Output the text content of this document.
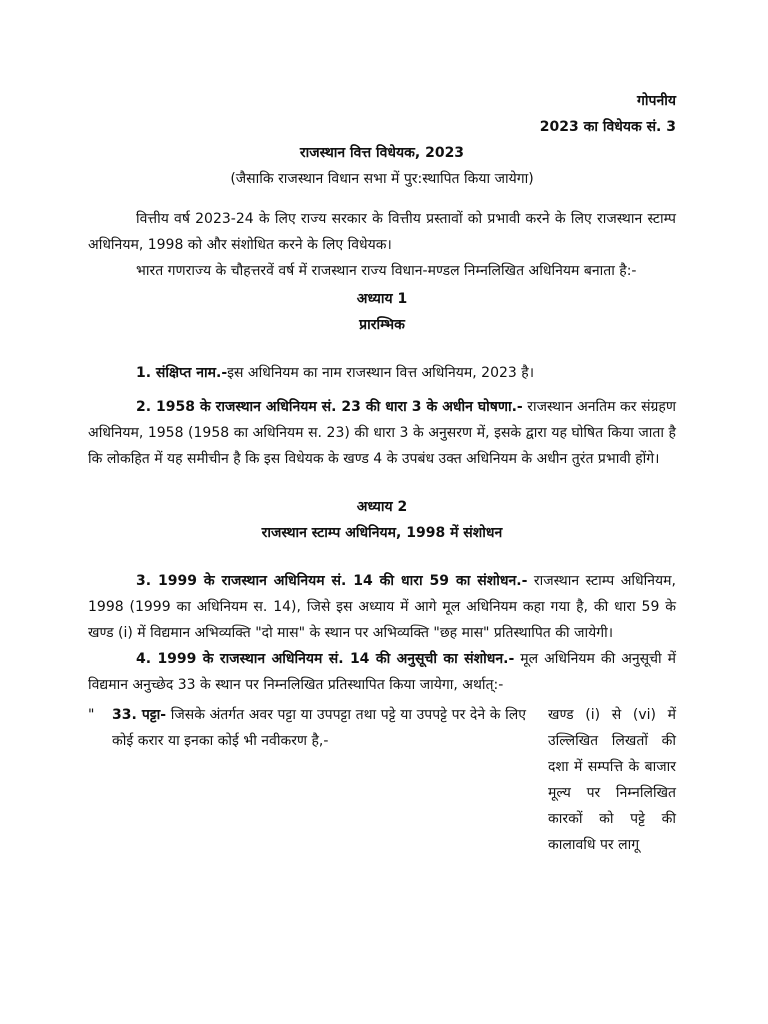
गोपनीय
2023 का विधेयक सं. 3
राजस्थान वित्त विधेयक, 2023
(जैसाकि राजस्थान विधान सभा में पुर:स्थापित किया जायेगा)

वित्तीय वर्ष 2023-24 के लिए राज्य सरकार के वित्तीय प्रस्तावों को प्रभावी करने के लिए राजस्थान स्टाम्प अधिनियम, 1998 को और संशोधित करने के लिए विधेयक।

भारत गणराज्य के चौहत्तरवें वर्ष में राजस्थान राज्य विधान-मण्डल निम्नलिखित अधिनियम बनाता है:-

अध्याय 1
प्रारम्भिक

1. संक्षिप्त नाम.-इस अधिनियम का नाम राजस्थान वित्त अधिनियम, 2023 है।

2. 1958 के राजस्थान अधिनियम सं. 23 की धारा 3 के अधीन घोषणा.- राजस्थान अनतिम कर संग्रहण अधिनियम, 1958 (1958 का अधिनियम स. 23) की धारा 3 के अनुसरण में, इसके द्वारा यह घोषित किया जाता है कि लोकहित में यह समीचीन है कि इस विधेयक के खण्ड 4 के उपबंध उक्त अधिनियम के अधीन तुरंत प्रभावी होंगे।

अध्याय 2
राजस्थान स्टाम्प अधिनियम, 1998 में संशोधन

3. 1999 के राजस्थान अधिनियम सं. 14 की धारा 59 का संशोधन.- राजस्थान स्टाम्प अधिनियम, 1998 (1999 का अधिनियम स. 14), जिसे इस अध्याय में आगे मूल अधिनियम कहा गया है, की धारा 59 के खण्ड (i) में विद्यमान अभिव्यक्ति "दो मास" के स्थान पर अभिव्यक्ति "छह मास" प्रतिस्थापित की जायेगी।

4. 1999 के राजस्थान अधिनियम सं. 14 की अनुसूची का संशोधन.- मूल अधिनियम की अनुसूची में विद्यमान अनुच्छेद 33 के स्थान पर निम्नलिखित प्रतिस्थापित किया जायेगा, अर्थात्:-

"	33. पट्टा- जिसके अंतर्गत अवर पट्टा या उपपट्टा तथा पट्टे या उपपट्टे पर देने के लिए कोई करार या इनका कोई भी नवीकरण है,-
खण्ड (i) से (vi) में उल्लिखित लिखतों की दशा में सम्पत्ति के बाजार मूल्य पर निम्नलिखित कारकों को पट्टे की कालावधि पर लागू
